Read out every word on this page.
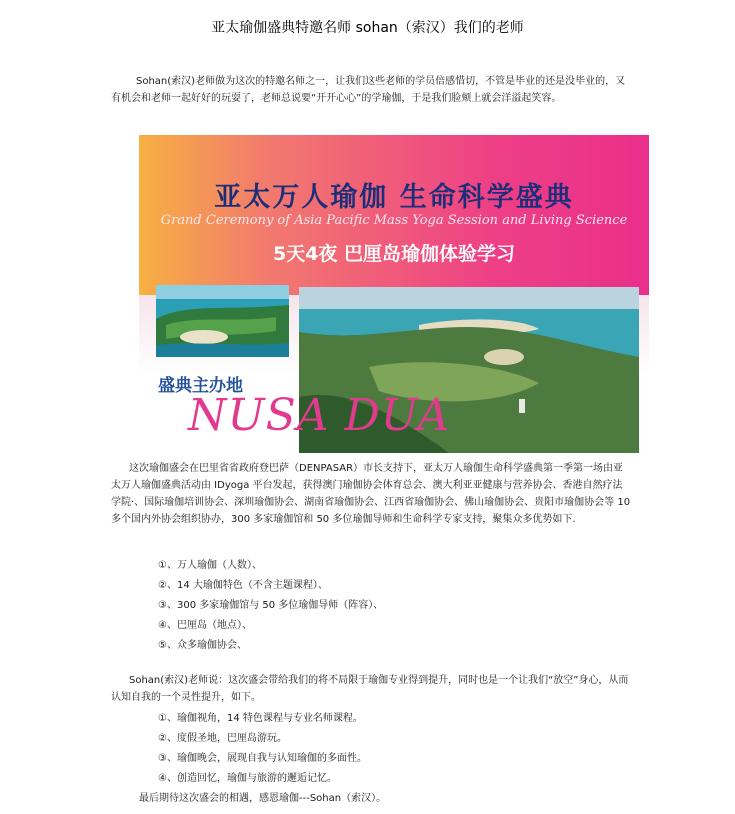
亚太瑜伽盛典特邀名师 sohan（索汉）我们的老师

Sohan(索汉)老师做为这次的特邀名师之一，让我们这些老师的学员倍感惜切，不管是毕业的还是没毕业的，又有机会和老师一起好好的玩耍了，老师总说要“开开心心”的学瑜伽，于是我们脸颊上就会洋溢起笑容。

亚太万人瑜伽 生命科学盛典
Grand Ceremony of Asia Pacific Mass Yoga Session and Living Science
5天4夜 巴厘岛瑜伽体验学习
盛典主办地
NUSA DUA

这次瑜伽盛会在巴里省省政府登巴萨（DENPASAR）市长支持下，亚太万人瑜伽生命科学盛典第一季第一场由亚太万人瑜伽盛典活动由 IDyoga 平台发起，获得澳门瑜伽协会体育总会、澳大利亚亚健康与营养协会、香港自然疗法学院·、国际瑜伽培训协会、深圳瑜伽协会、湖南省瑜伽协会、江西省瑜伽协会、佛山瑜伽协会、贵阳市瑜伽协会等 10 多个国内外协会组织协办，300 多家瑜伽馆和 50 多位瑜伽导师和生命科学专家支持，聚集众多优势如下.

①、万人瑜伽（人数）、
②、14 大瑜伽特色（不含主题课程）、
③、300 多家瑜伽馆与 50 多位瑜伽导师（阵容）、
④、巴厘岛（地点）、
⑤、众多瑜伽协会、

Sohan(索汉)老师说：这次盛会带给我们的将不局限于瑜伽专业得到提升，同时也是一个让我们“放空”身心，从而认知自我的一个灵性提升，如下。

①、瑜伽视角，14 特色课程与专业名师课程。
②、度假圣地，巴厘岛游玩。
③、瑜伽晚会，展现自我与认知瑜伽的多面性。
④、创造回忆，瑜伽与旅游的邂逅记忆。
最后期待这次盛会的相遇，感恩瑜伽---Sohan（索汉）。
